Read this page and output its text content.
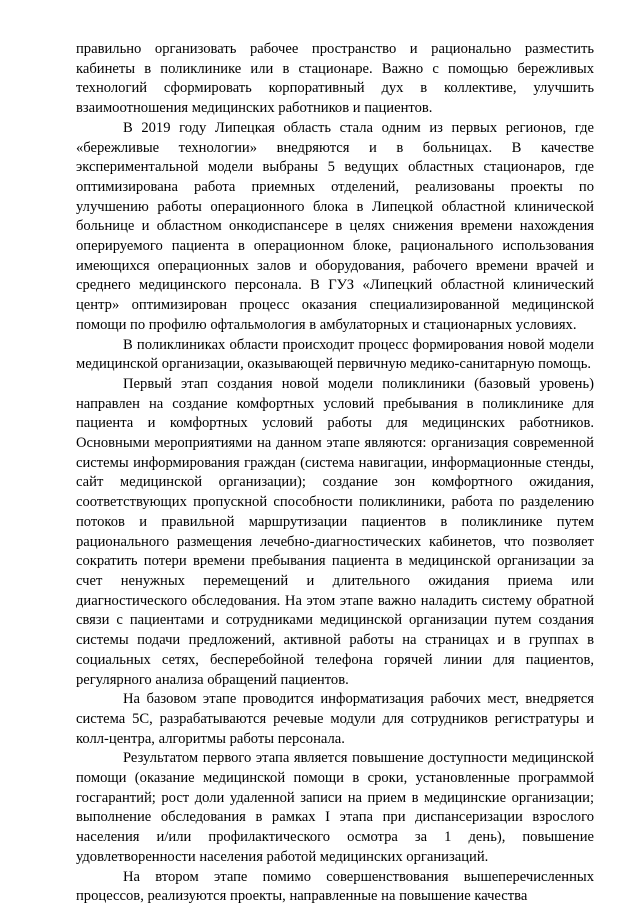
правильно организовать рабочее пространство и рационально разместить кабинеты в поликлинике или в стационаре. Важно с помощью бережливых технологий сформировать корпоративный дух в коллективе, улучшить взаимоотношения медицинских работников и пациентов.

В 2019 году Липецкая область стала одним из первых регионов, где «бережливые технологии» внедряются и в больницах. В качестве экспериментальной модели выбраны 5 ведущих областных стационаров, где оптимизирована работа приемных отделений, реализованы проекты по улучшению работы операционного блока в Липецкой областной клинической больнице и областном онкодиспансере в целях снижения времени нахождения оперируемого пациента в операционном блоке, рационального использования имеющихся операционных залов и оборудования, рабочего времени врачей и среднего медицинского персонала. В ГУЗ «Липецкий областной клинический центр» оптимизирован процесс оказания специализированной медицинской помощи по профилю офтальмология в амбулаторных и стационарных условиях.

В поликлиниках области происходит процесс формирования новой модели медицинской организации, оказывающей первичную медико-санитарную помощь.

Первый этап создания новой модели поликлиники (базовый уровень) направлен на создание комфортных условий пребывания в поликлинике для пациента и комфортных условий работы для медицинских работников. Основными мероприятиями на данном этапе являются: организация современной системы информирования граждан (система навигации, информационные стенды, сайт медицинской организации); создание зон комфортного ожидания, соответствующих пропускной способности поликлиники, работа по разделению потоков и правильной маршрутизации пациентов в поликлинике путем рационального размещения лечебно-диагностических кабинетов, что позволяет сократить потери времени пребывания пациента в медицинской организации за счет ненужных перемещений и длительного ожидания приема или диагностического обследования. На этом этапе важно наладить систему обратной связи с пациентами и сотрудниками медицинской организации путем создания системы подачи предложений, активной работы на страницах и в группах в социальных сетях, бесперебойной телефона горячей линии для пациентов, регулярного анализа обращений пациентов.

На базовом этапе проводится информатизация рабочих мест, внедряется система 5С, разрабатываются речевые модули для сотрудников регистратуры и колл-центра, алгоритмы работы персонала.

Результатом первого этапа является повышение доступности медицинской помощи (оказание медицинской помощи в сроки, установленные программой госгарантий; рост доли удаленной записи на прием в медицинские организации; выполнение обследования в рамках I этапа при диспансеризации взрослого населения и/или профилактического осмотра за 1 день), повышение удовлетворенности населения работой медицинских организаций.

На втором этапе помимо совершенствования вышеперечисленных процессов, реализуются проекты, направленные на повышение качества
